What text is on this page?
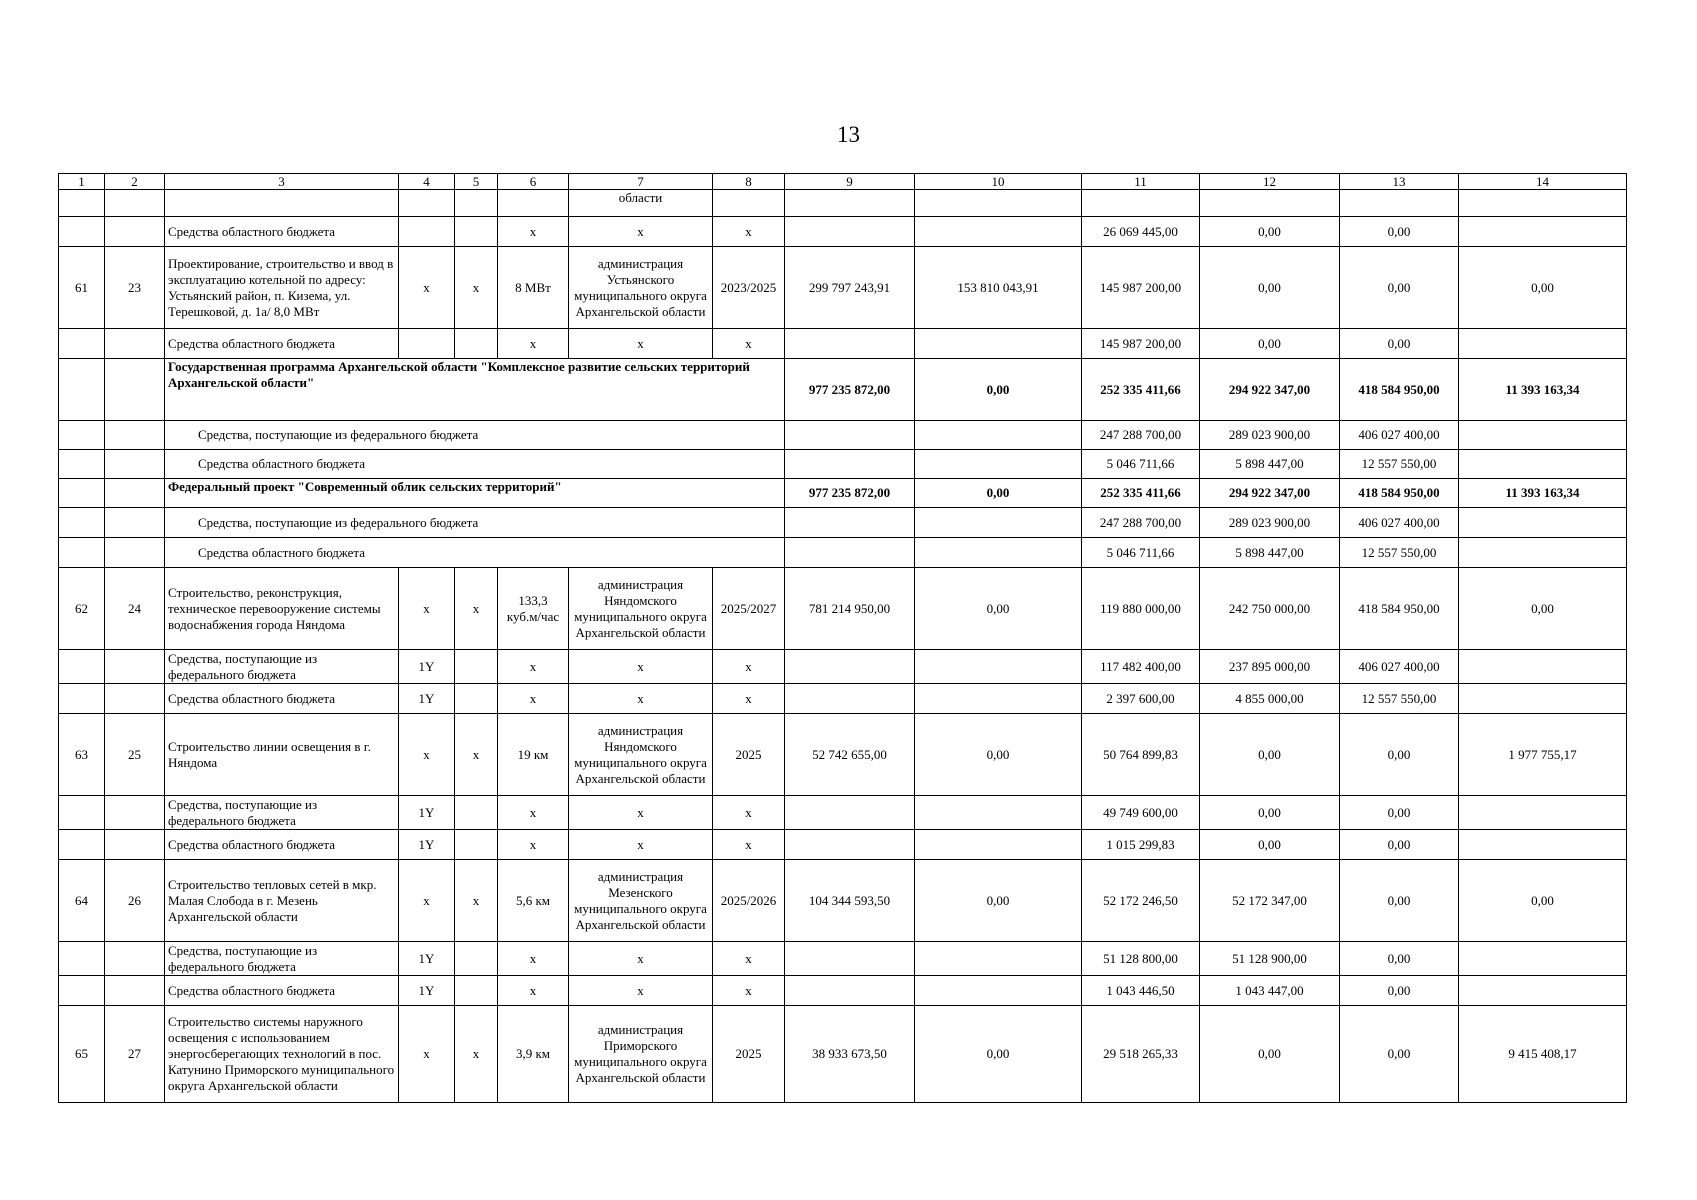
13
1	2	3	4	5	6	7	8	9	10	11	12	13	14
						области							
		Средства областного бюджета			х	х	х			26 069 445,00	0,00	0,00	
61	23	Проектирование, строительство и ввод в эксплуатацию котельной по адресу: Устьянский район, п. Кизема, ул. Терешковой, д. 1а/ 8,0 МВт	х	х	8 МВт	администрация Устьянского муниципального округа Архангельской области	2023/2025	299 797 243,91	153 810 043,91	145 987 200,00	0,00	0,00	0,00
		Средства областного бюджета			х	х	х			145 987 200,00	0,00	0,00	
		Государственная программа Архангельской области "Комплексное развитие сельских территорий Архангельской области"						977 235 872,00	0,00	252 335 411,66	294 922 347,00	418 584 950,00	11 393 163,34
		Средства, поступающие из федерального бюджета								247 288 700,00	289 023 900,00	406 027 400,00	
		Средства областного бюджета								5 046 711,66	5 898 447,00	12 557 550,00	
		Федеральный проект "Современный облик сельских территорий"						977 235 872,00	0,00	252 335 411,66	294 922 347,00	418 584 950,00	11 393 163,34
		Средства, поступающие из федерального бюджета								247 288 700,00	289 023 900,00	406 027 400,00	
		Средства областного бюджета								5 046 711,66	5 898 447,00	12 557 550,00	
62	24	Строительство, реконструкция, техническое перевооружение системы водоснабжения города Няндома	х	х	133,3 куб.м/час	администрация Няндомского муниципального округа Архангельской области	2025/2027	781 214 950,00	0,00	119 880 000,00	242 750 000,00	418 584 950,00	0,00
		Средства, поступающие из федерального бюджета	1Y		х	х	х			117 482 400,00	237 895 000,00	406 027 400,00	
		Средства областного бюджета	1Y		х	х	х			2 397 600,00	4 855 000,00	12 557 550,00	
63	25	Строительство линии освещения в г. Няндома	х	х	19 км	администрация Няндомского муниципального округа Архангельской области	2025	52 742 655,00	0,00	50 764 899,83	0,00	0,00	1 977 755,17
		Средства, поступающие из федерального бюджета	1Y		х	х	х			49 749 600,00	0,00	0,00	
		Средства областного бюджета	1Y		х	х	х			1 015 299,83	0,00	0,00	
64	26	Строительство тепловых сетей в мкр. Малая Слобода в г. Мезень Архангельской области	х	х	5,6 км	администрация Мезенского муниципального округа Архангельской области	2025/2026	104 344 593,50	0,00	52 172 246,50	52 172 347,00	0,00	0,00
		Средства, поступающие из федерального бюджета	1Y		х	х	х			51 128 800,00	51 128 900,00	0,00	
		Средства областного бюджета	1Y		х	х	х			1 043 446,50	1 043 447,00	0,00	
65	27	Строительство системы наружного освещения с использованием энергосберегающих технологий в пос. Катунино Приморского муниципального округа Архангельской области	х	х	3,9 км	администрация Приморского муниципального округа Архангельской области	2025	38 933 673,50	0,00	29 518 265,33	0,00	0,00	9 415 408,17
